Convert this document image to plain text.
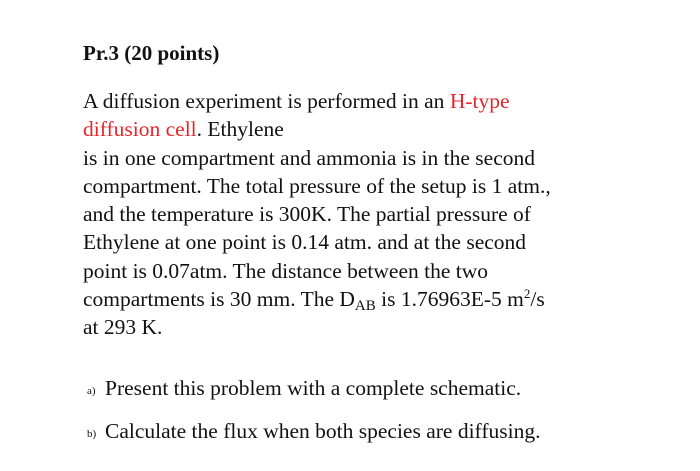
Pr.3 (20 points)
A diffusion experiment is performed in an H-type
diffusion cell. Ethylene
is in one compartment and ammonia is in the second
compartment. The total pressure of the setup is 1 atm.,
and the temperature is 300K. The partial pressure of
Ethylene at one point is 0.14 atm. and at the second
point is 0.07atm. The distance between the two
compartments is 30 mm. The $D_{AB}$ is 1.76963E-5 $m^2/s$
at 293 K.
a) Present this problem with a complete schematic.
b) Calculate the flux when both species are diffusing.
